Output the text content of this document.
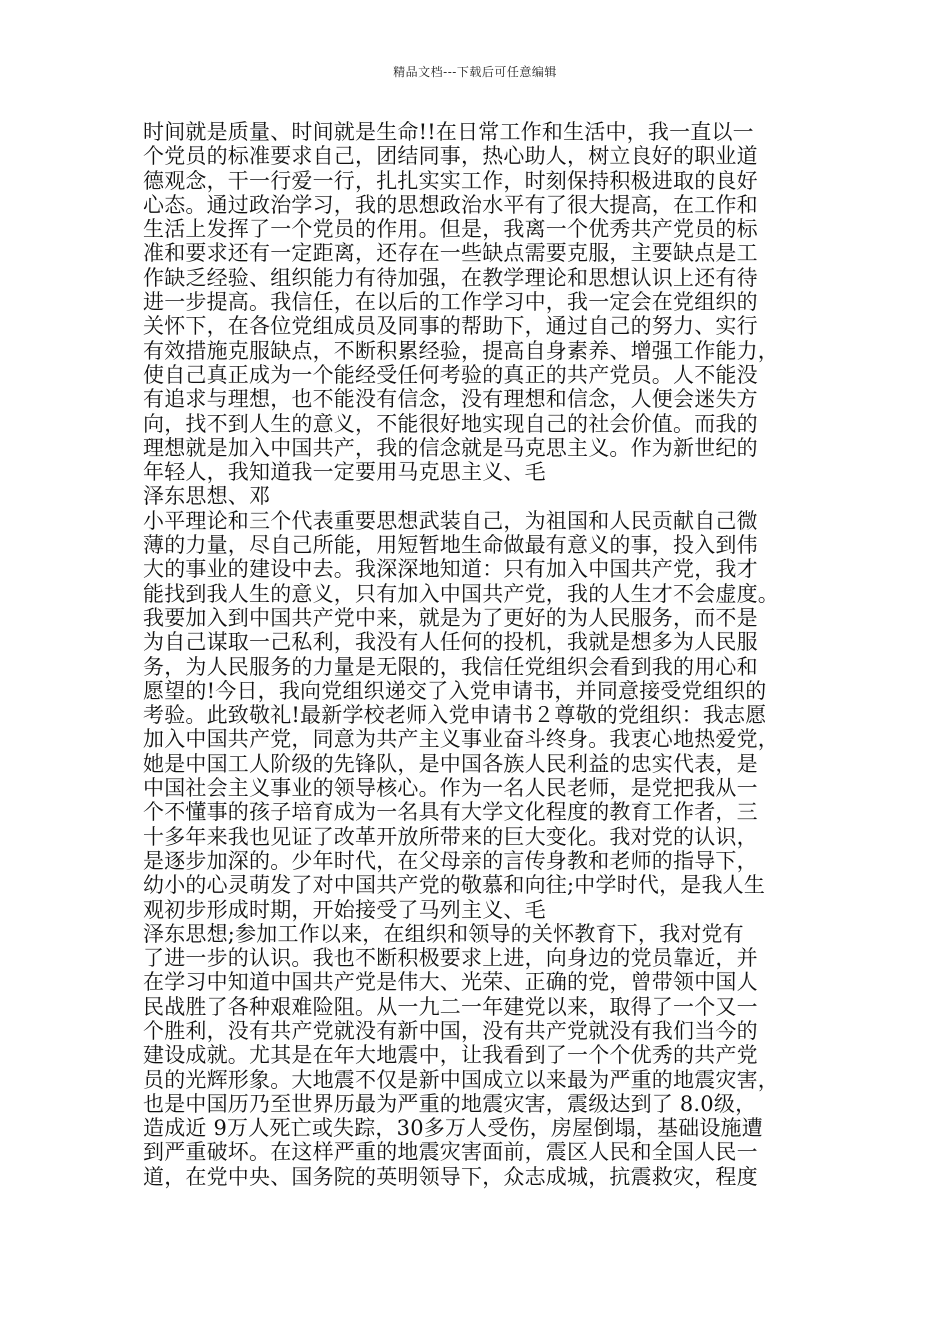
精品文档---下载后可任意编辑
时间就是质量、时间就是生命!!在日常工作和生活中，我一直以一
个党员的标准要求自己，团结同事，热心助人，树立良好的职业道
德观念，干一行爱一行，扎扎实实工作，时刻保持积极进取的良好
心态。通过政治学习，我的思想政治水平有了很大提高，在工作和
生活上发挥了一个党员的作用。但是，我离一个优秀共产党员的标
准和要求还有一定距离，还存在一些缺点需要克服，主要缺点是工
作缺乏经验、组织能力有待加强，在教学理论和思想认识上还有待
进一步提高。我信任，在以后的工作学习中，我一定会在党组织的
关怀下，在各位党组成员及同事的帮助下，通过自己的努力、实行
有效措施克服缺点，不断积累经验，提高自身素养、增强工作能力，
使自己真正成为一个能经受任何考验的真正的共产党员。人不能没
有追求与理想，也不能没有信念，没有理想和信念，人便会迷失方
向，找不到人生的意义，不能很好地实现自己的社会价值。而我的
理想就是加入中国共产，我的信念就是马克思主义。作为新世纪的
年轻人，我知道我一定要用马克思主义、毛
泽东思想、邓
小平理论和三个代表重要思想武装自己，为祖国和人民贡献自己微
薄的力量，尽自己所能，用短暂地生命做最有意义的事，投入到伟
大的事业的建设中去。我深深地知道：只有加入中国共产党，我才
能找到我人生的意义，只有加入中国共产党，我的人生才不会虚度。
我要加入到中国共产党中来，就是为了更好的为人民服务，而不是
为自己谋取一己私利，我没有人任何的投机，我就是想多为人民服
务，为人民服务的力量是无限的，我信任党组织会看到我的用心和
愿望的!今日，我向党组织递交了入党申请书，并同意接受党组织的
考验。此致敬礼!最新学校老师入党申请书２尊敬的党组织：我志愿
加入中国共产党，同意为共产主义事业奋斗终身。我衷心地热爱党，
她是中国工人阶级的先锋队，是中国各族人民利益的忠实代表，是
中国社会主义事业的领导核心。作为一名人民老师，是党把我从一
个不懂事的孩子培育成为一名具有大学文化程度的教育工作者，三
十多年来我也见证了改革开放所带来的巨大变化。我对党的认识，
是逐步加深的。少年时代，在父母亲的言传身教和老师的指导下，
幼小的心灵萌发了对中国共产党的敬慕和向往;中学时代，是我人生
观初步形成时期，开始接受了马列主义、毛
泽东思想;参加工作以来，在组织和领导的关怀教育下，我对党有
了进一步的认识。我也不断积极要求上进，向身边的党员靠近，并
在学习中知道中国共产党是伟大、光荣、正确的党，曾带领中国人
民战胜了各种艰难险阻。从一九二一年建党以来，取得了一个又一
个胜利，没有共产党就没有新中国，没有共产党就没有我们当今的
建设成就。尤其是在年大地震中，让我看到了一个个优秀的共产党
员的光辉形象。大地震不仅是新中国成立以来最为严重的地震灾害，
也是中国历乃至世界历最为严重的地震灾害，震级达到了 8.0级，
造成近 9万人死亡或失踪，30多万人受伤，房屋倒塌，基础设施遭
到严重破坏。在这样严重的地震灾害面前，震区人民和全国人民一
道，在党中央、国务院的英明领导下，众志成城，抗震救灾，程度
